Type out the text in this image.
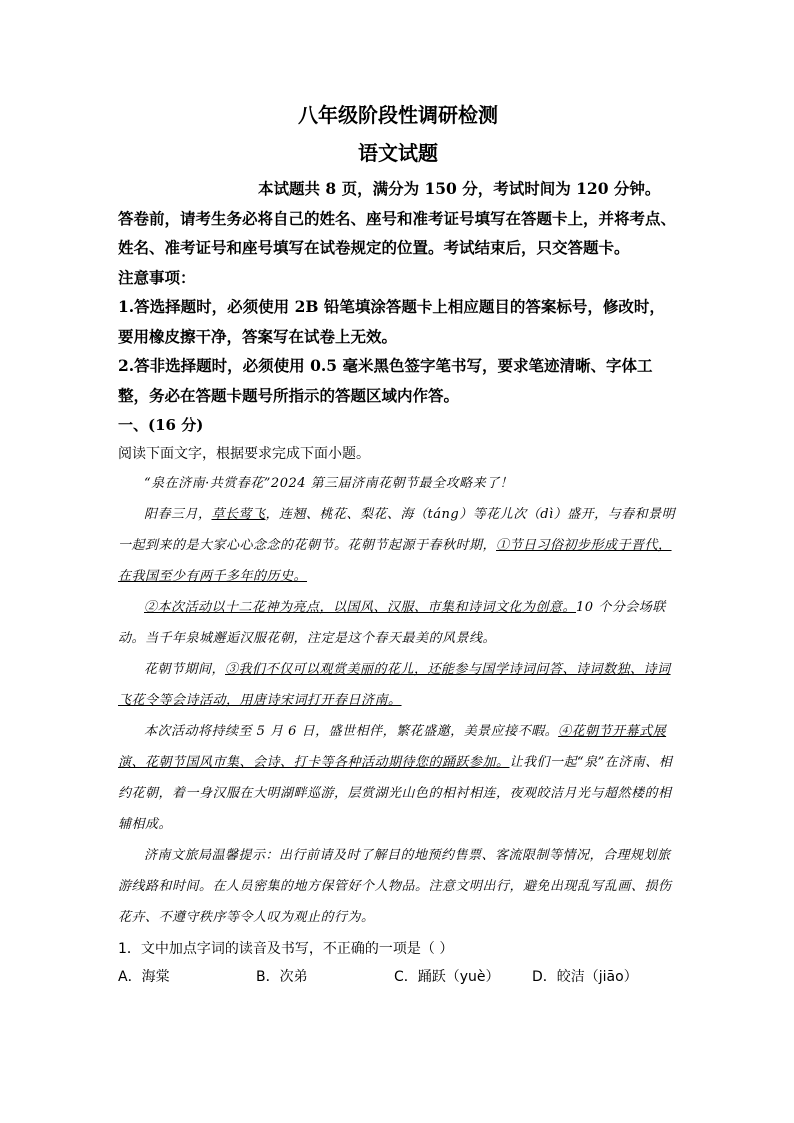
八年级阶段性调研检测

语文试题

本试题共 8 页，满分为 150 分，考试时间为 120 分钟。

答卷前，请考生务必将自己的姓名、座号和准考证号填写在答题卡上，并将考点、姓名、准考证号和座号填写在试卷规定的位置。考试结束后，只交答题卡。

注意事项：

1.答选择题时，必须使用 2B 铅笔填涂答题卡上相应题目的答案标号，修改时，要用橡皮擦干净，答案写在试卷上无效。

2.答非选择题时，必须使用 0.5 毫米黑色签字笔书写，要求笔迹清晰、字体工整，务必在答题卡题号所指示的答题区域内作答。

一、(16 分)

阅读下面文字，根据要求完成下面小题。

“泉在济南·共赏春花”2024 第三届济南花朝节最全攻略来了！

阳春三月，草长莺飞，连翘、桃花、梨花、海（táng）等花儿次（dì）盛开，与春和景明一起到来的是大家心心念念的花朝节。花朝节起源于春秋时期，①节日习俗初步形成于晋代，在我国至少有两千多年的历史。

②本次活动以十二花神为亮点，以国风、汉服、市集和诗词文化为创意。10 个分会场联动。当千年泉城邂逅汉服花朝，注定是这个春天最美的风景线。

花朝节期间，③我们不仅可以观赏美丽的花儿，还能参与国学诗词问答、诗词数独、诗词飞花令等会诗活动，用唐诗宋词打开春日济南。

本次活动将持续至 5 月 6 日，盛世相伴，繁花盛邀，美景应接不暇。④花朝节开幕式展演、花朝节国风市集、会诗、打卡等各种活动期待您的踊跃参加。让我们一起“泉”在济南、相约花朝，着一身汉服在大明湖畔巡游，层赏湖光山色的相衬相连，夜观皎洁月光与超然楼的相辅相成。

济南文旅局温馨提示：出行前请及时了解目的地预约售票、客流限制等情况，合理规划旅游线路和时间。在人员密集的地方保管好个人物品。注意文明出行，避免出现乱写乱画、损伤花卉、不遵守秩序等令人叹为观止的行为。

1．文中加点字词的读音及书写，不正确的一项是（ ）

A．海棠	B．次弟	C．踊跃（yuè）	D．皎洁（jiāo）
